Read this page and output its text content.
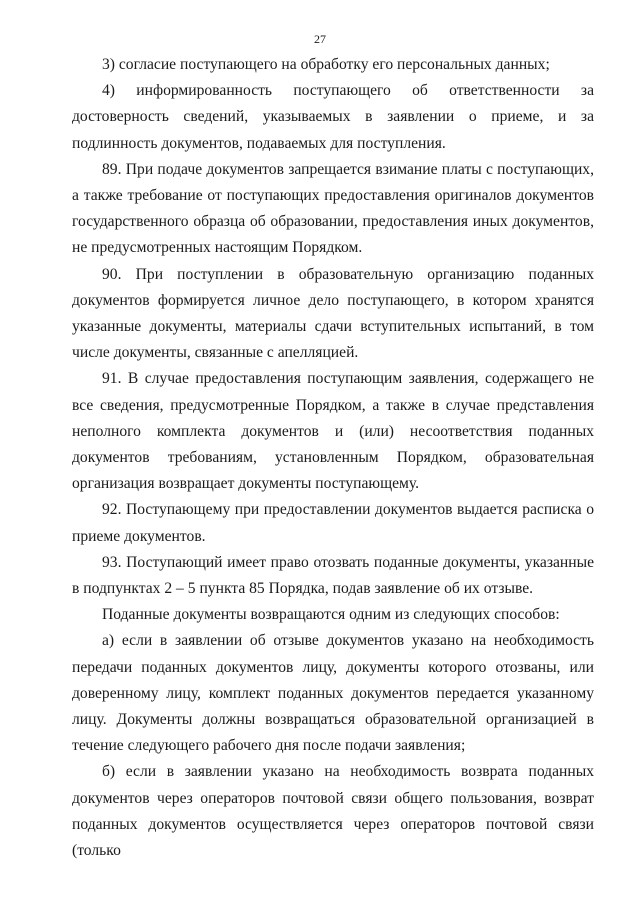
27

3) согласие поступающего на обработку его персональных данных;

4) информированность поступающего об ответственности за достоверность сведений, указываемых в заявлении о приеме, и за подлинность документов, подаваемых для поступления.

89. При подаче документов запрещается взимание платы с поступающих, а также требование от поступающих предоставления оригиналов документов государственного образца об образовании, предоставления иных документов, не предусмотренных настоящим Порядком.

90. При поступлении в образовательную организацию поданных документов формируется личное дело поступающего, в котором хранятся указанные документы, материалы сдачи вступительных испытаний, в том числе документы, связанные с апелляцией.

91. В случае предоставления поступающим заявления, содержащего не все сведения, предусмотренные Порядком, а также в случае представления неполного комплекта документов и (или) несоответствия поданных документов требованиям, установленным Порядком, образовательная организация возвращает документы поступающему.

92. Поступающему при предоставлении документов выдается расписка о приеме документов.

93. Поступающий имеет право отозвать поданные документы, указанные в подпунктах 2 – 5 пункта 85 Порядка, подав заявление об их отзыве.

Поданные документы возвращаются одним из следующих способов:

а) если в заявлении об отзыве документов указано на необходимость передачи поданных документов лицу, документы которого отозваны, или доверенному лицу, комплект поданных документов передается указанному лицу. Документы должны возвращаться образовательной организацией в течение следующего рабочего дня после подачи заявления;

б) если в заявлении указано на необходимость возврата поданных документов через операторов почтовой связи общего пользования, возврат поданных документов осуществляется через операторов почтовой связи (только
